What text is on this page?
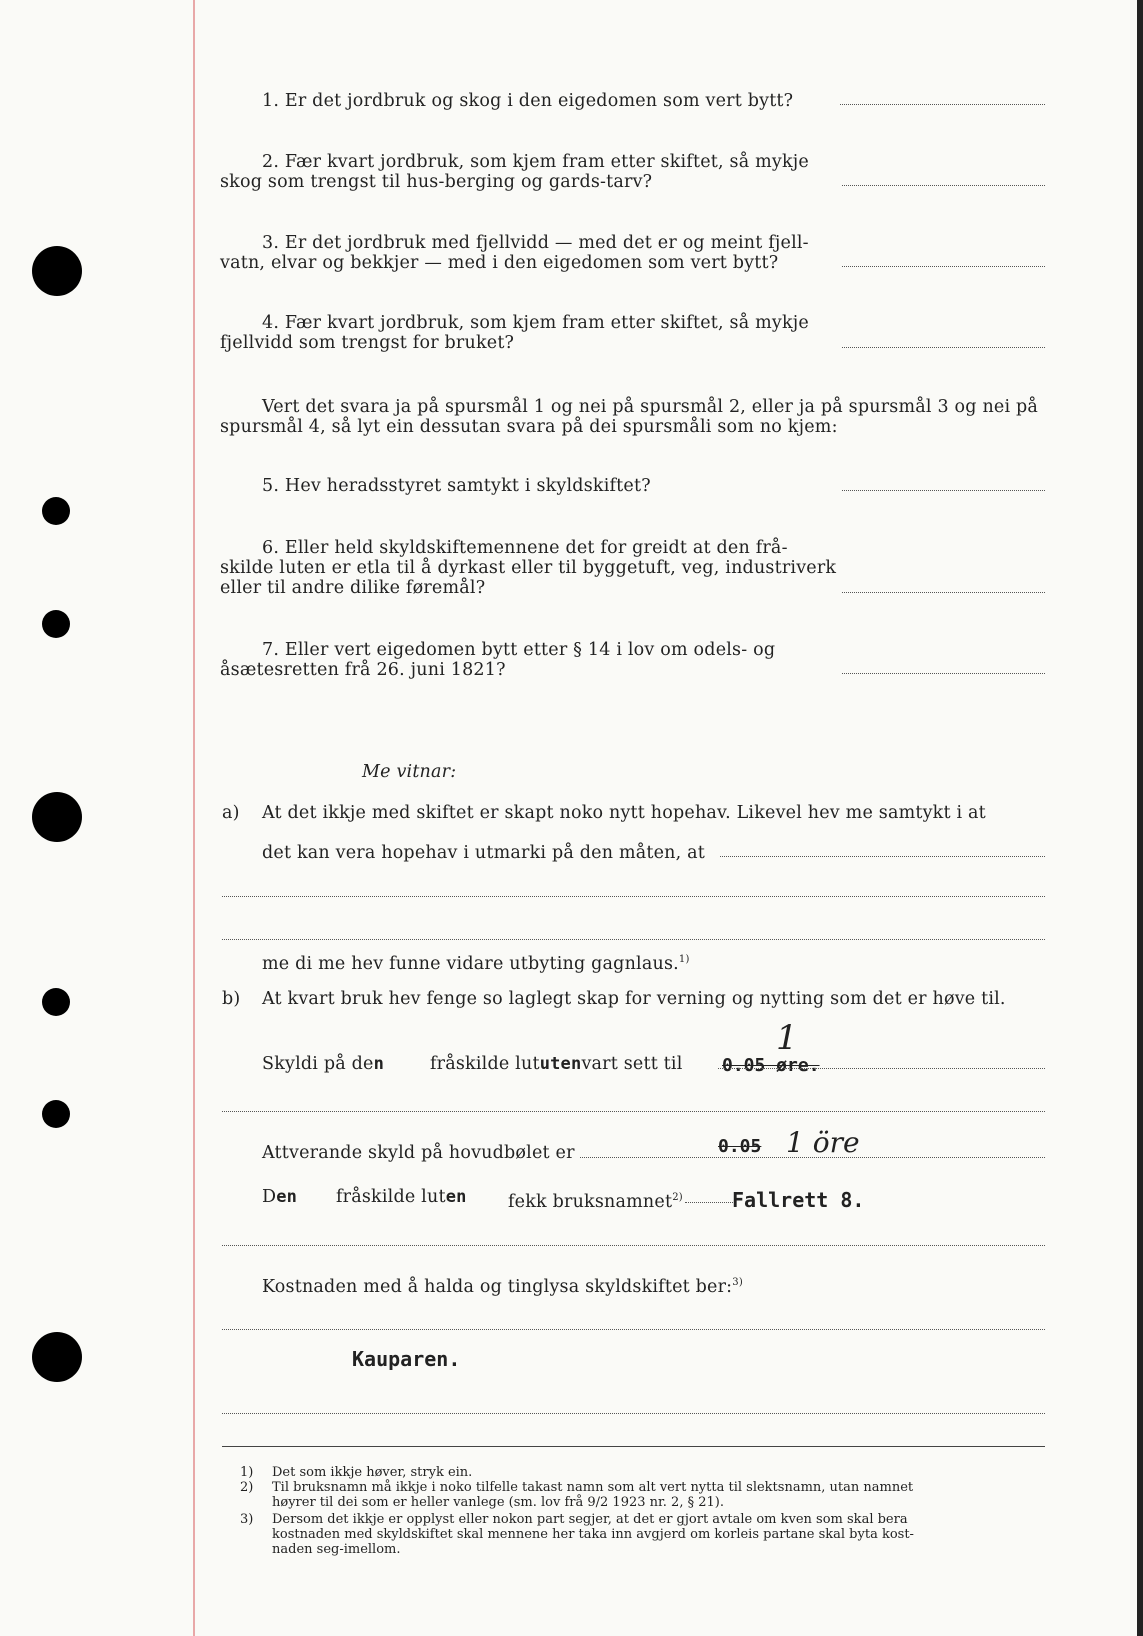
1. Er det jordbruk og skog i den eigedomen som vert bytt?
2. Fær kvart jordbruk, som kjem fram etter skiftet, så mykje
skog som trengst til hus-berging og gards-tarv?
3. Er det jordbruk med fjellvidd — med det er og meint fjell-
vatn, elvar og bekkjer — med i den eigedomen som vert bytt?
4. Fær kvart jordbruk, som kjem fram etter skiftet, så mykje
fjellvidd som trengst for bruket?
Vert det svara ja på spursmål 1 og nei på spursmål 2, eller ja på spursmål 3 og nei på
spursmål 4, så lyt ein dessutan svara på dei spursmåli som no kjem:
5. Hev heradsstyret samtykt i skyldskiftet?
6. Eller held skyldskiftemennene det for greidt at den frå-
skilde luten er etla til å dyrkast eller til byggetuft, veg, industriverk
eller til andre dilike føremål?
7. Eller vert eigedomen bytt etter § 14 i lov om odels- og
åsætesretten frå 26. juni 1821?
Me vitnar:
a) At det ikkje med skiftet er skapt noko nytt hopehav. Likevel hev me samtykt i at
det kan vera hopehav i utmarki på den måten, at
me di me hev funne vidare utbyting gagnlaus.$^{1)}$
b) At kvart bruk hev fenge so laglegt skap for verning og nytting som det er høve til.
Skyldi på den	fråskilde lututenvart sett til 0.05 øre.
1
Attverande skyld på hovudbølet er	0.05 1 öre
Den fråskilde luten fekk bruksnamnet$^{2)}$ Fallrett 8.
Kostnaden med å halda og tinglysa skyldskiftet ber:$^{3)}$
Kauparen.
1) Det som ikkje høver, stryk ein.
2) Til bruksnamn må ikkje i noko tilfelle takast namn som alt vert nytta til slektsnamn, utan namnet
høyrer til dei som er heller vanlege (sm. lov frå 9/2 1923 nr. 2, § 21).
3) Dersom det ikkje er opplyst eller nokon part segjer, at det er gjort avtale om kven som skal bera
kostnaden med skyldskiftet skal mennene her taka inn avgjerd om korleis partane skal byta kost-
naden seg-imellom.
